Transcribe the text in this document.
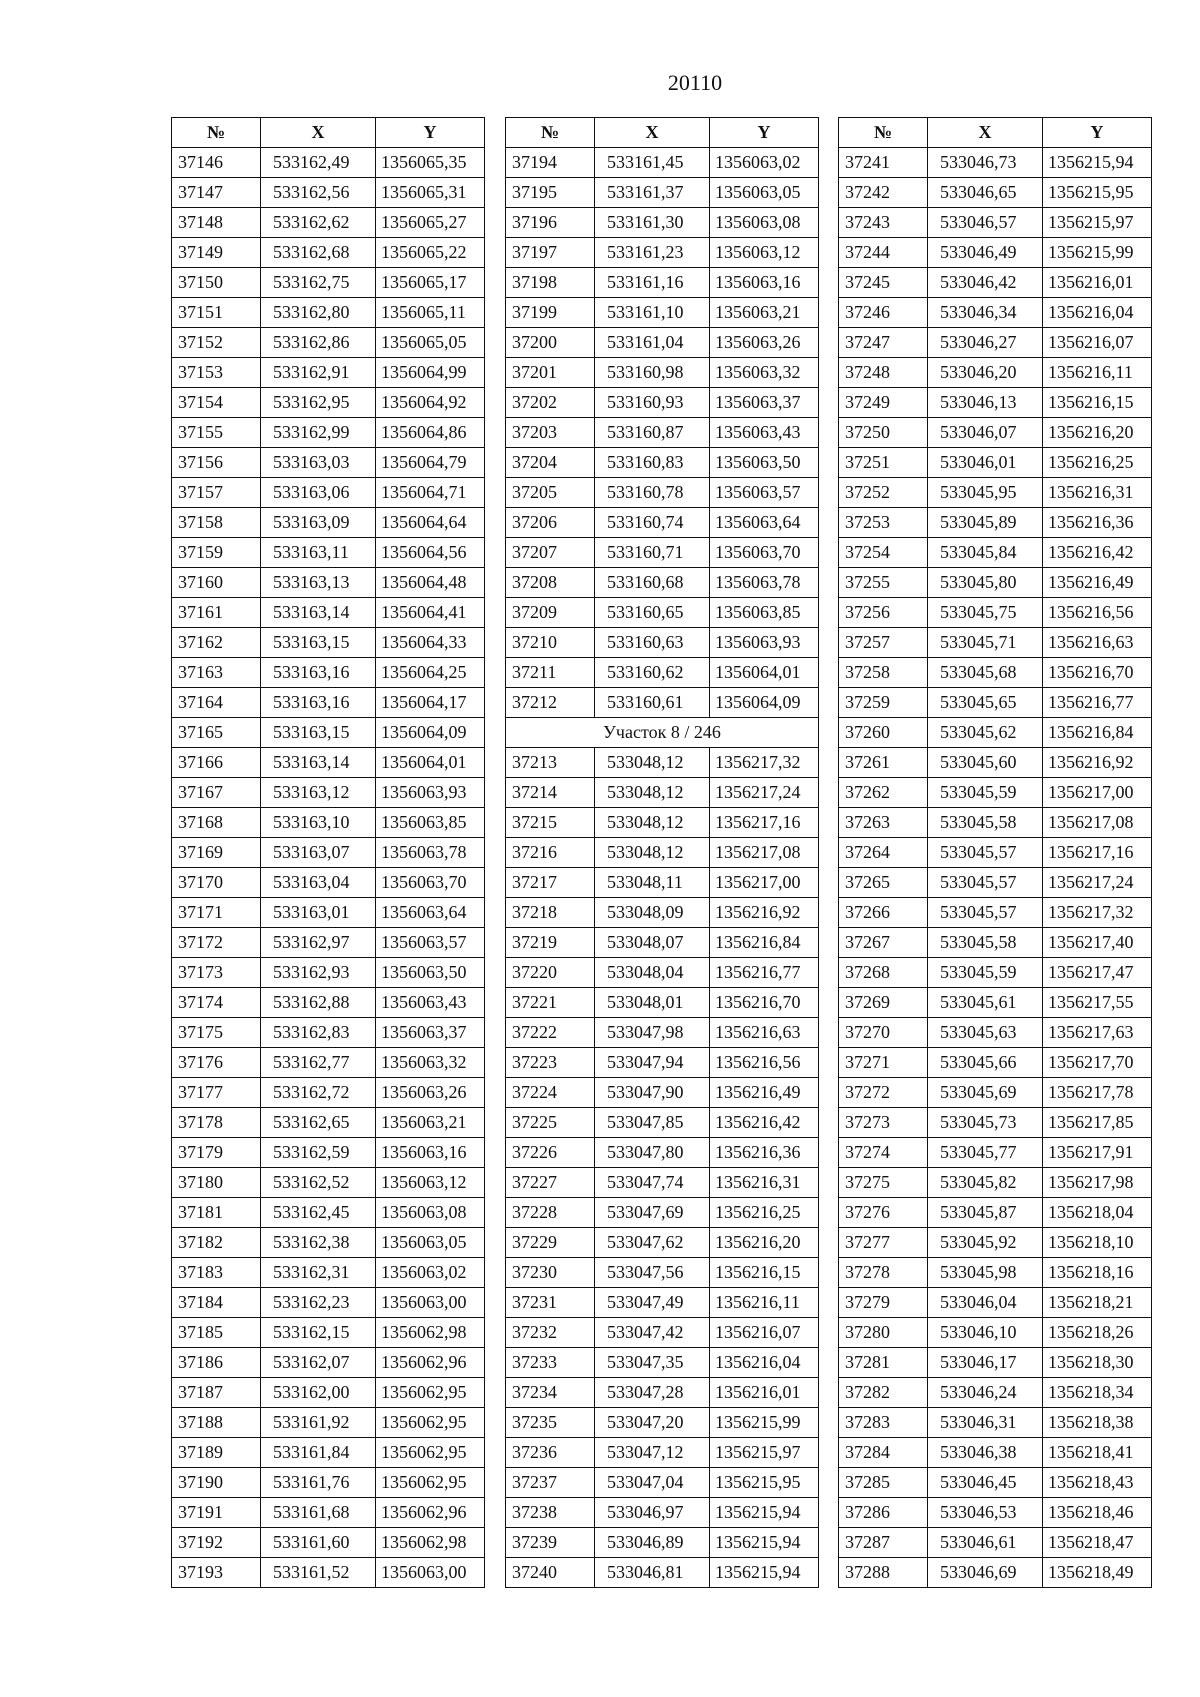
20110
№	X	Y
37146	533162,49	1356065,35
37147	533162,56	1356065,31
37148	533162,62	1356065,27
37149	533162,68	1356065,22
37150	533162,75	1356065,17
37151	533162,80	1356065,11
37152	533162,86	1356065,05
37153	533162,91	1356064,99
37154	533162,95	1356064,92
37155	533162,99	1356064,86
37156	533163,03	1356064,79
37157	533163,06	1356064,71
37158	533163,09	1356064,64
37159	533163,11	1356064,56
37160	533163,13	1356064,48
37161	533163,14	1356064,41
37162	533163,15	1356064,33
37163	533163,16	1356064,25
37164	533163,16	1356064,17
37165	533163,15	1356064,09
37166	533163,14	1356064,01
37167	533163,12	1356063,93
37168	533163,10	1356063,85
37169	533163,07	1356063,78
37170	533163,04	1356063,70
37171	533163,01	1356063,64
37172	533162,97	1356063,57
37173	533162,93	1356063,50
37174	533162,88	1356063,43
37175	533162,83	1356063,37
37176	533162,77	1356063,32
37177	533162,72	1356063,26
37178	533162,65	1356063,21
37179	533162,59	1356063,16
37180	533162,52	1356063,12
37181	533162,45	1356063,08
37182	533162,38	1356063,05
37183	533162,31	1356063,02
37184	533162,23	1356063,00
37185	533162,15	1356062,98
37186	533162,07	1356062,96
37187	533162,00	1356062,95
37188	533161,92	1356062,95
37189	533161,84	1356062,95
37190	533161,76	1356062,95
37191	533161,68	1356062,96
37192	533161,60	1356062,98
37193	533161,52	1356063,00
№	X	Y
37194	533161,45	1356063,02
37195	533161,37	1356063,05
37196	533161,30	1356063,08
37197	533161,23	1356063,12
37198	533161,16	1356063,16
37199	533161,10	1356063,21
37200	533161,04	1356063,26
37201	533160,98	1356063,32
37202	533160,93	1356063,37
37203	533160,87	1356063,43
37204	533160,83	1356063,50
37205	533160,78	1356063,57
37206	533160,74	1356063,64
37207	533160,71	1356063,70
37208	533160,68	1356063,78
37209	533160,65	1356063,85
37210	533160,63	1356063,93
37211	533160,62	1356064,01
37212	533160,61	1356064,09
Участок 8 / 246		
37213	533048,12	1356217,32
37214	533048,12	1356217,24
37215	533048,12	1356217,16
37216	533048,12	1356217,08
37217	533048,11	1356217,00
37218	533048,09	1356216,92
37219	533048,07	1356216,84
37220	533048,04	1356216,77
37221	533048,01	1356216,70
37222	533047,98	1356216,63
37223	533047,94	1356216,56
37224	533047,90	1356216,49
37225	533047,85	1356216,42
37226	533047,80	1356216,36
37227	533047,74	1356216,31
37228	533047,69	1356216,25
37229	533047,62	1356216,20
37230	533047,56	1356216,15
37231	533047,49	1356216,11
37232	533047,42	1356216,07
37233	533047,35	1356216,04
37234	533047,28	1356216,01
37235	533047,20	1356215,99
37236	533047,12	1356215,97
37237	533047,04	1356215,95
37238	533046,97	1356215,94
37239	533046,89	1356215,94
37240	533046,81	1356215,94
№	X	Y
37241	533046,73	1356215,94
37242	533046,65	1356215,95
37243	533046,57	1356215,97
37244	533046,49	1356215,99
37245	533046,42	1356216,01
37246	533046,34	1356216,04
37247	533046,27	1356216,07
37248	533046,20	1356216,11
37249	533046,13	1356216,15
37250	533046,07	1356216,20
37251	533046,01	1356216,25
37252	533045,95	1356216,31
37253	533045,89	1356216,36
37254	533045,84	1356216,42
37255	533045,80	1356216,49
37256	533045,75	1356216,56
37257	533045,71	1356216,63
37258	533045,68	1356216,70
37259	533045,65	1356216,77
37260	533045,62	1356216,84
37261	533045,60	1356216,92
37262	533045,59	1356217,00
37263	533045,58	1356217,08
37264	533045,57	1356217,16
37265	533045,57	1356217,24
37266	533045,57	1356217,32
37267	533045,58	1356217,40
37268	533045,59	1356217,47
37269	533045,61	1356217,55
37270	533045,63	1356217,63
37271	533045,66	1356217,70
37272	533045,69	1356217,78
37273	533045,73	1356217,85
37274	533045,77	1356217,91
37275	533045,82	1356217,98
37276	533045,87	1356218,04
37277	533045,92	1356218,10
37278	533045,98	1356218,16
37279	533046,04	1356218,21
37280	533046,10	1356218,26
37281	533046,17	1356218,30
37282	533046,24	1356218,34
37283	533046,31	1356218,38
37284	533046,38	1356218,41
37285	533046,45	1356218,43
37286	533046,53	1356218,46
37287	533046,61	1356218,47
37288	533046,69	1356218,49
